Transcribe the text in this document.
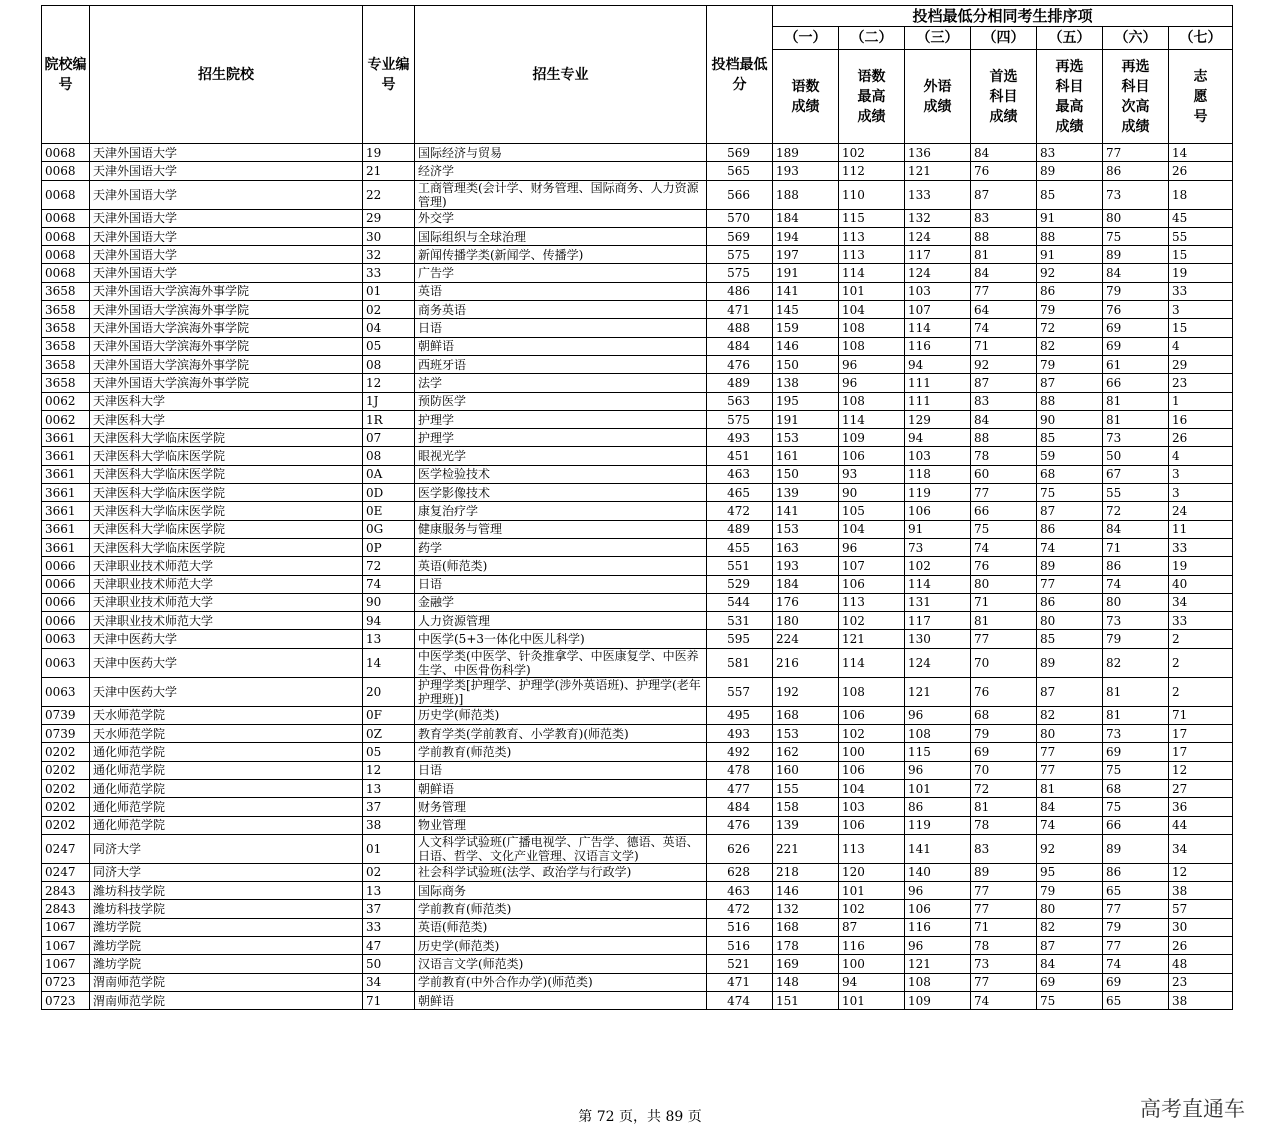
院校编号	招生院校	专业编号	招生专业	投档最低分	投档最低分相同考生排序项						
					（一）	（二）	（三）	（四）	（五）	（六）	（七）
					语数成绩	语数最高成绩	外语成绩	首选科目成绩	再选科目最高成绩	再选科目次高成绩	志愿号
0068	天津外国语大学	19	国际经济与贸易	569	189	102	136	84	83	77	14
0068	天津外国语大学	21	经济学	565	193	112	121	76	89	86	26
0068	天津外国语大学	22	工商管理类(会计学、财务管理、国际商务、人力资源管理)	566	188	110	133	87	85	73	18
0068	天津外国语大学	29	外交学	570	184	115	132	83	91	80	45
0068	天津外国语大学	30	国际组织与全球治理	569	194	113	124	88	88	75	55
0068	天津外国语大学	32	新闻传播学类(新闻学、传播学)	575	197	113	117	81	91	89	15
0068	天津外国语大学	33	广告学	575	191	114	124	84	92	84	19
3658	天津外国语大学滨海外事学院	01	英语	486	141	101	103	77	86	79	33
3658	天津外国语大学滨海外事学院	02	商务英语	471	145	104	107	64	79	76	3
3658	天津外国语大学滨海外事学院	04	日语	488	159	108	114	74	72	69	15
3658	天津外国语大学滨海外事学院	05	朝鲜语	484	146	108	116	71	82	69	4
3658	天津外国语大学滨海外事学院	08	西班牙语	476	150	96	94	92	79	61	29
3658	天津外国语大学滨海外事学院	12	法学	489	138	96	111	87	87	66	23
0062	天津医科大学	1J	预防医学	563	195	108	111	83	88	81	1
0062	天津医科大学	1R	护理学	575	191	114	129	84	90	81	16
3661	天津医科大学临床医学院	07	护理学	493	153	109	94	88	85	73	26
3661	天津医科大学临床医学院	08	眼视光学	451	161	106	103	78	59	50	4
3661	天津医科大学临床医学院	0A	医学检验技术	463	150	93	118	60	68	67	3
3661	天津医科大学临床医学院	0D	医学影像技术	465	139	90	119	77	75	55	3
3661	天津医科大学临床医学院	0E	康复治疗学	472	141	105	106	66	87	72	24
3661	天津医科大学临床医学院	0G	健康服务与管理	489	153	104	91	75	86	84	11
3661	天津医科大学临床医学院	0P	药学	455	163	96	73	74	74	71	33
0066	天津职业技术师范大学	72	英语(师范类)	551	193	107	102	76	89	86	19
0066	天津职业技术师范大学	74	日语	529	184	106	114	80	77	74	40
0066	天津职业技术师范大学	90	金融学	544	176	113	131	71	86	80	34
0066	天津职业技术师范大学	94	人力资源管理	531	180	102	117	81	80	73	33
0063	天津中医药大学	13	中医学(5+3一体化中医儿科学)	595	224	121	130	77	85	79	2
0063	天津中医药大学	14	中医学类(中医学、针灸推拿学、中医康复学、中医养生学、中医骨伤科学)	581	216	114	124	70	89	82	2
0063	天津中医药大学	20	护理学类[护理学、护理学(涉外英语班)、护理学(老年护理班)]	557	192	108	121	76	87	81	2
0739	天水师范学院	0F	历史学(师范类)	495	168	106	96	68	82	81	71
0739	天水师范学院	0Z	教育学类(学前教育、小学教育)(师范类)	493	153	102	108	79	80	73	17
0202	通化师范学院	05	学前教育(师范类)	492	162	100	115	69	77	69	17
0202	通化师范学院	12	日语	478	160	106	96	70	77	75	12
0202	通化师范学院	13	朝鲜语	477	155	104	101	72	81	68	27
0202	通化师范学院	37	财务管理	484	158	103	86	81	84	75	36
0202	通化师范学院	38	物业管理	476	139	106	119	78	74	66	44
0247	同济大学	01	人文科学试验班(广播电视学、广告学、德语、英语、日语、哲学、文化产业管理、汉语言文学)	626	221	113	141	83	92	89	34
0247	同济大学	02	社会科学试验班(法学、政治学与行政学)	628	218	120	140	89	95	86	12
2843	潍坊科技学院	13	国际商务	463	146	101	96	77	79	65	38
2843	潍坊科技学院	37	学前教育(师范类)	472	132	102	106	77	80	77	57
1067	潍坊学院	33	英语(师范类)	516	168	87	116	71	82	79	30
1067	潍坊学院	47	历史学(师范类)	516	178	116	96	78	87	77	26
1067	潍坊学院	50	汉语言文学(师范类)	521	169	100	121	73	84	74	48
0723	渭南师范学院	34	学前教育(中外合作办学)(师范类)	471	148	94	108	77	69	69	23
0723	渭南师范学院	71	朝鲜语	474	151	101	109	74	75	65	38
第 72 页，共 89 页	高考直通车
